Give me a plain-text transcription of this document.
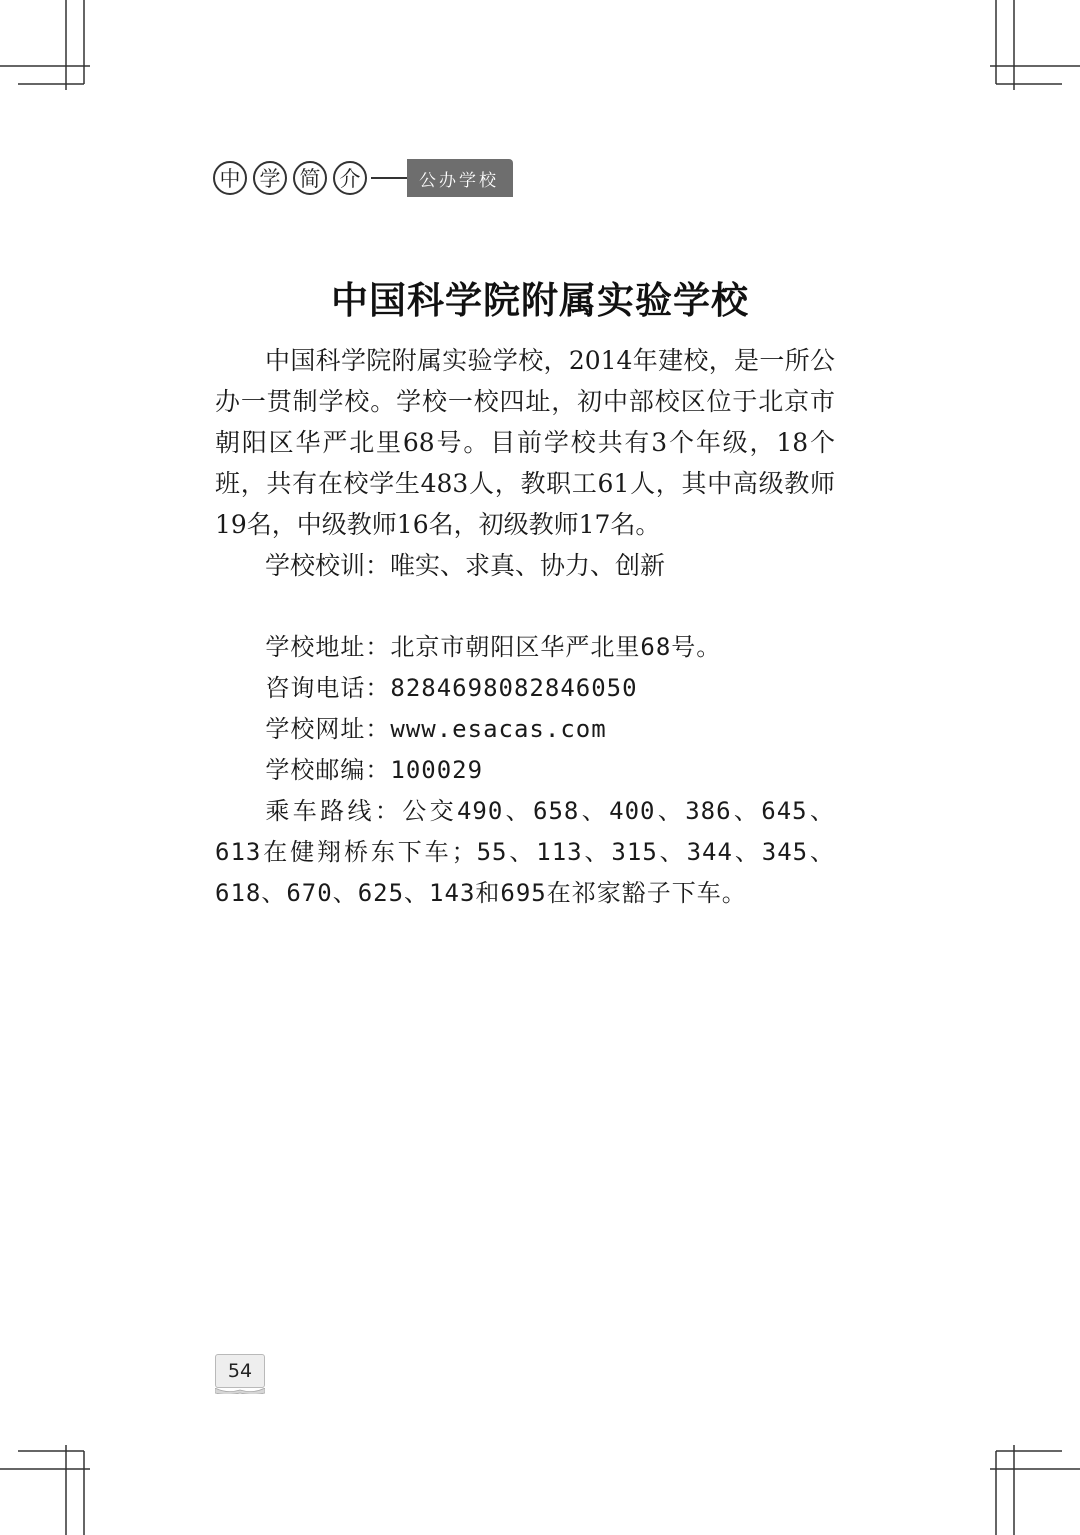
中 学 简 介	公办学校
中国科学院附属实验学校

中国科学院附属实验学校，2014年建校，是一所公办一贯制学校。学校一校四址，初中部校区位于北京市朝阳区华严北里68号。目前学校共有3个年级，18个班，共有在校学生483人，教职工61人，其中高级教师19名，中级教师16名，初级教师17名。

学校校训：唯实、求真、协力、创新

学校地址：北京市朝阳区华严北里68号。

咨询电话：8284698082846050

学校网址：www.esacas.com

学校邮编：100029

乘车路线：公交490、658、400、386、645、613在健翔桥东下车；55、113、315、344、345、618、670、625、143和695在祁家豁子下车。

54
